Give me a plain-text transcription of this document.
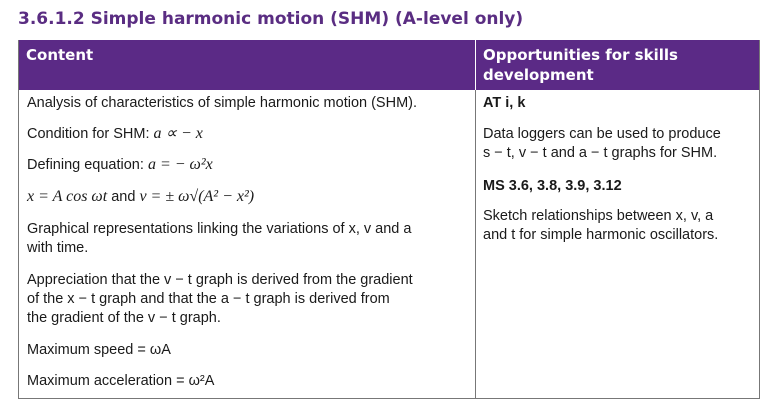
3.6.1.2 Simple harmonic motion (SHM) (A-level only)
Content	Opportunities for skills
development
Analysis of characteristics of simple harmonic motion (SHM).
Condition for SHM: a ∝ − x
Defining equation: a = − ω²x
x = A cos ωt and v = ± ω√(A² − x²)
Graphical representations linking the variations of x, v and a
with time.
Appreciation that the v − t graph is derived from the gradient
of the x − t graph and that the a − t graph is derived from
the gradient of the v − t graph.
Maximum speed = ωA
Maximum acceleration = ω²A
AT i, k
Data loggers can be used to produce
s − t, v − t and a − t graphs for SHM.
MS 3.6, 3.8, 3.9, 3.12
Sketch relationships between x, v, a
and t for simple harmonic oscillators.
